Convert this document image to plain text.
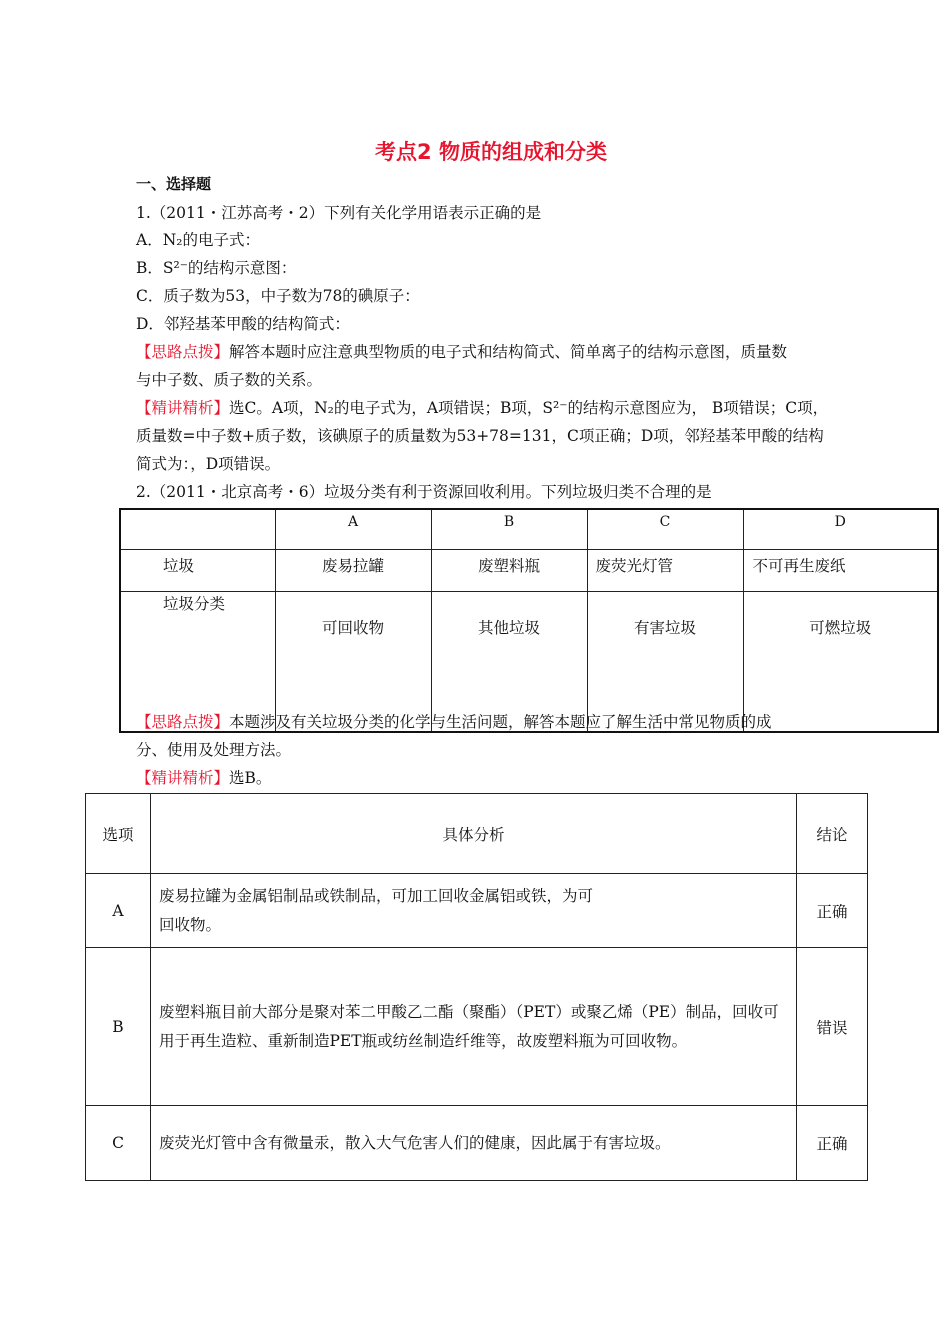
考点2 物质的组成和分类
一、选择题
1.（2011・江苏高考・2）下列有关化学用语表示正确的是
A．N₂的电子式：
B．S²⁻的结构示意图：
C．质子数为53，中子数为78的碘原子：
D．邻羟基苯甲酸的结构简式：
【思路点拨】解答本题时应注意典型物质的电子式和结构简式、简单离子的结构示意图，质量数
与中子数、质子数的关系。
【精讲精析】选C。A项，N₂的电子式为，A项错误；B项，S²⁻的结构示意图应为， B项错误；C项，
质量数=中子数+质子数，该碘原子的质量数为53+78=131，C项正确；D项，邻羟基苯甲酸的结构
简式为：，D项错误。
2.（2011・北京高考・6）垃圾分类有利于资源回收利用。下列垃圾归类不合理的是
	A	B	C	D
垃圾	废易拉罐	废塑料瓶	废荧光灯管	不可再生废纸
垃圾分类	可回收物	其他垃圾	有害垃圾	可燃垃圾
【思路点拨】本题涉及有关垃圾分类的化学与生活问题，解答本题应了解生活中常见物质的成
分、使用及处理方法。
【精讲精析】选B。
选项	具体分析	结论
A	废易拉罐为金属铝制品或铁制品，可加工回收金属铝或铁，为可
回收物。	正确
B	废塑料瓶目前大部分是聚对苯二甲酸乙二酯（聚酯）（PET）或聚乙烯（PE）制品，回收可
用于再生造粒、重新制造PET瓶或纺丝制造纤维等，故废塑料瓶为可回收物。	错误
C	废荧光灯管中含有微量汞，散入大气危害人们的健康，因此属于有害垃圾。	正确
